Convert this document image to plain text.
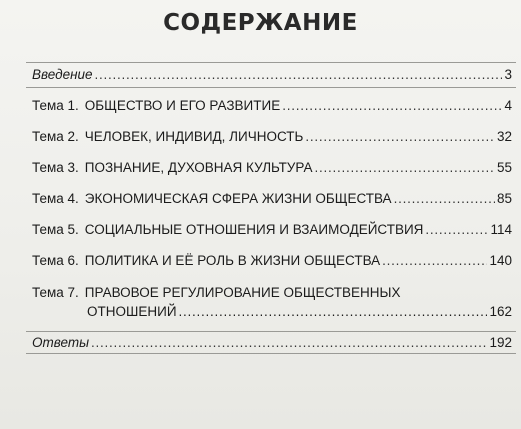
СОДЕРЖАНИЕ
Введение . . .	3
Тема 1. ОБЩЕСТВО И ЕГО РАЗВИТИЕ . . .	4
Тема 2. ЧЕЛОВЕК, ИНДИВИД, ЛИЧНОСТЬ . . .	32
Тема 3. ПОЗНАНИЕ, ДУХОВНАЯ КУЛЬТУРА . . .	55
Тема 4. ЭКОНОМИЧЕСКАЯ СФЕРА ЖИЗНИ ОБЩЕСТВА . . .	85
Тема 5. СОЦИАЛЬНЫЕ ОТНОШЕНИЯ И ВЗАИМОДЕЙСТВИЯ . . .	114
Тема 6. ПОЛИТИКА И ЕЁ РОЛЬ В ЖИЗНИ ОБЩЕСТВА . . .	140
Тема 7. ПРАВОВОЕ РЕГУЛИРОВАНИЕ ОБЩЕСТВЕННЫХ
ОТНОШЕНИЙ . . .	162
Ответы . . .	192
